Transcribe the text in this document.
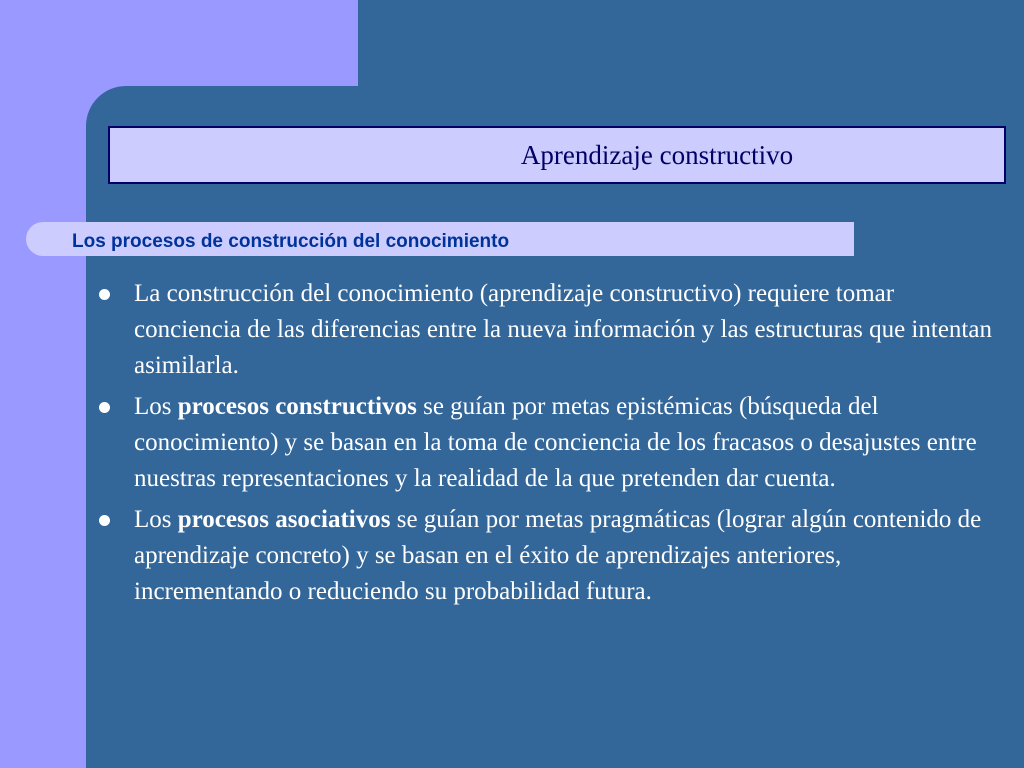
Aprendizaje constructivo
Los procesos de construcción del conocimiento
La construcción del conocimiento (aprendizaje constructivo) requiere tomar conciencia de las diferencias entre la nueva información y las estructuras que intentan asimilarla.
Los procesos constructivos se guían por metas epistémicas (búsqueda del conocimiento) y se basan en la toma de conciencia de los fracasos o desajustes entre nuestras representaciones y la realidad de la que pretenden dar cuenta.
Los procesos asociativos se guían por metas pragmáticas (lograr algún contenido de aprendizaje concreto) y se basan en el éxito de aprendizajes anteriores, incrementando o reduciendo su probabilidad futura.
